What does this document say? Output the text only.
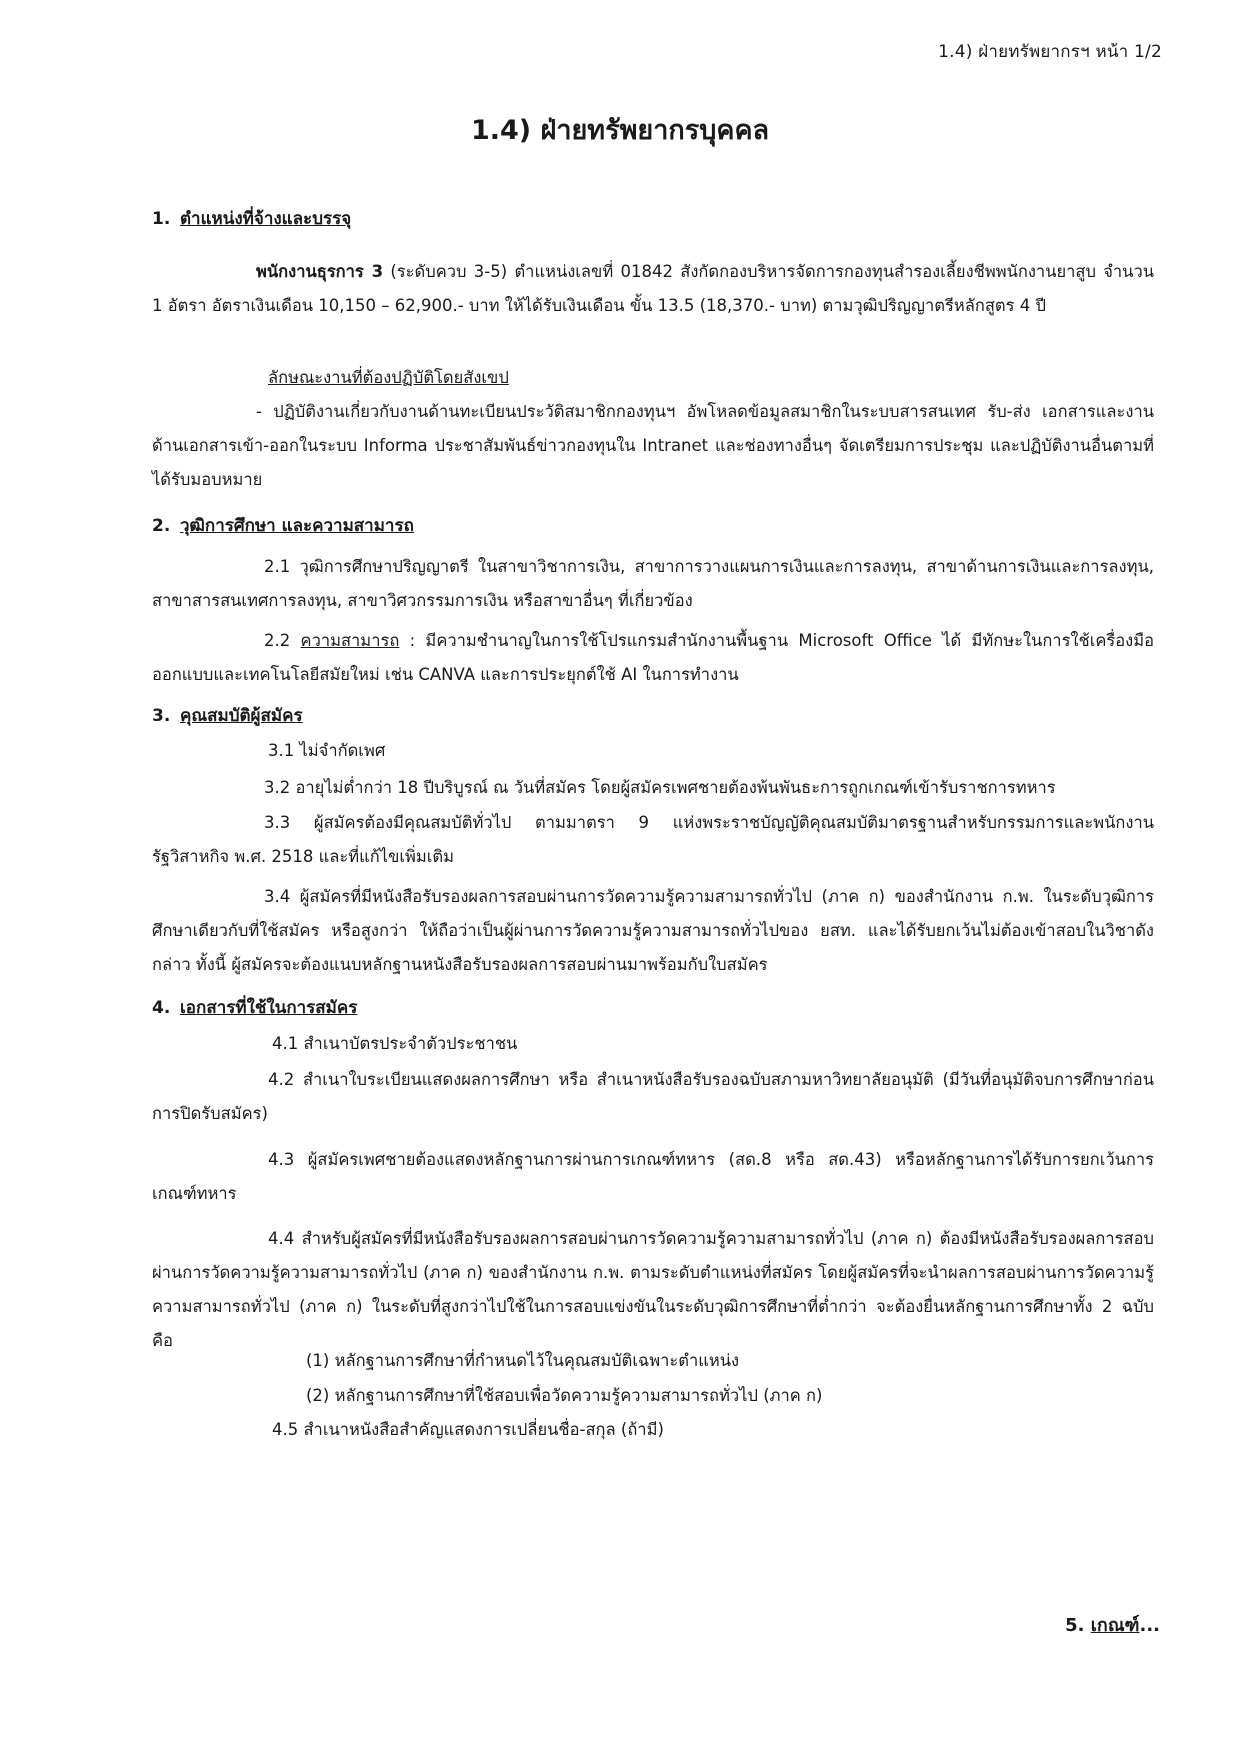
1.4) ฝ่ายทรัพยากรฯ หน้า 1/2
1.4) ฝ่ายทรัพยากรบุคคล
1. ตำแหน่งที่จ้างและบรรจุ
พนักงานธุรการ 3 (ระดับควบ 3-5) ตำแหน่งเลขที่ 01842 สังกัดกองบริหารจัดการกองทุนสำรองเลี้ยงชีพพนักงานยาสูบ จำนวน 1 อัตรา อัตราเงินเดือน 10,150 – 62,900.- บาท ให้ได้รับเงินเดือน ขั้น 13.5 (18,370.- บาท) ตามวุฒิปริญญาตรีหลักสูตร 4 ปี
ลักษณะงานที่ต้องปฏิบัติโดยสังเขป
- ปฏิบัติงานเกี่ยวกับงานด้านทะเบียนประวัติสมาชิกกองทุนฯ อัพโหลดข้อมูลสมาชิกในระบบสารสนเทศ รับ-ส่ง เอกสารและงานด้านเอกสารเข้า-ออกในระบบ Informa ประชาสัมพันธ์ข่าวกองทุนใน Intranet และช่องทางอื่นๆ จัดเตรียมการประชุม และปฏิบัติงานอื่นตามที่ได้รับมอบหมาย
2. วุฒิการศึกษา และความสามารถ
2.1 วุฒิการศึกษาปริญญาตรี ในสาขาวิชาการเงิน, สาขาการวางแผนการเงินและการลงทุน, สาขาด้านการเงินและการลงทุน, สาขาสารสนเทศการลงทุน, สาขาวิศวกรรมการเงิน หรือสาขาอื่นๆ ที่เกี่ยวข้อง
2.2 ความสามารถ : มีความชำนาญในการใช้โปรแกรมสำนักงานพื้นฐาน Microsoft Office ได้ มีทักษะในการใช้เครื่องมือออกแบบและเทคโนโลยีสมัยใหม่ เช่น CANVA และการประยุกต์ใช้ AI ในการทำงาน
3. คุณสมบัติผู้สมัคร
3.1 ไม่จำกัดเพศ
3.2 อายุไม่ต่ำกว่า 18 ปีบริบูรณ์ ณ วันที่สมัคร โดยผู้สมัครเพศชายต้องพ้นพันธะการถูกเกณฑ์เข้ารับราชการทหาร
3.3 ผู้สมัครต้องมีคุณสมบัติทั่วไป ตามมาตรา 9 แห่งพระราชบัญญัติคุณสมบัติมาตรฐานสำหรับกรรมการและพนักงานรัฐวิสาหกิจ พ.ศ. 2518 และที่แก้ไขเพิ่มเติม
3.4 ผู้สมัครที่มีหนังสือรับรองผลการสอบผ่านการวัดความรู้ความสามารถทั่วไป (ภาค ก) ของสำนักงาน ก.พ. ในระดับวุฒิการศึกษาเดียวกับที่ใช้สมัคร หรือสูงกว่า ให้ถือว่าเป็นผู้ผ่านการวัดความรู้ความสามารถทั่วไปของ ยสท. และได้รับยกเว้นไม่ต้องเข้าสอบในวิชาดังกล่าว ทั้งนี้ ผู้สมัครจะต้องแนบหลักฐานหนังสือรับรองผลการสอบผ่านมาพร้อมกับใบสมัคร
4. เอกสารที่ใช้ในการสมัคร
4.1 สำเนาบัตรประจำตัวประชาชน
4.2 สำเนาใบระเบียนแสดงผลการศึกษา หรือ สำเนาหนังสือรับรองฉบับสภามหาวิทยาลัยอนุมัติ (มีวันที่อนุมัติจบการศึกษาก่อนการปิดรับสมัคร)
4.3 ผู้สมัครเพศชายต้องแสดงหลักฐานการผ่านการเกณฑ์ทหาร (สด.8 หรือ สด.43) หรือหลักฐานการได้รับการยกเว้นการเกณฑ์ทหาร
4.4 สำหรับผู้สมัครที่มีหนังสือรับรองผลการสอบผ่านการวัดความรู้ความสามารถทั่วไป (ภาค ก) ต้องมีหนังสือรับรองผลการสอบผ่านการวัดความรู้ความสามารถทั่วไป (ภาค ก) ของสำนักงาน ก.พ. ตามระดับตำแหน่งที่สมัคร โดยผู้สมัครที่จะนำผลการสอบผ่านการวัดความรู้ความสามารถทั่วไป (ภาค ก) ในระดับที่สูงกว่าไปใช้ในการสอบแข่งขันในระดับวุฒิการศึกษาที่ต่ำกว่า จะต้องยื่นหลักฐานการศึกษาทั้ง 2 ฉบับ คือ
(1) หลักฐานการศึกษาที่กำหนดไว้ในคุณสมบัติเฉพาะตำแหน่ง
(2) หลักฐานการศึกษาที่ใช้สอบเพื่อวัดความรู้ความสามารถทั่วไป (ภาค ก)
4.5 สำเนาหนังสือสำคัญแสดงการเปลี่ยนชื่อ-สกุล (ถ้ามี)
5. เกณฑ์...
